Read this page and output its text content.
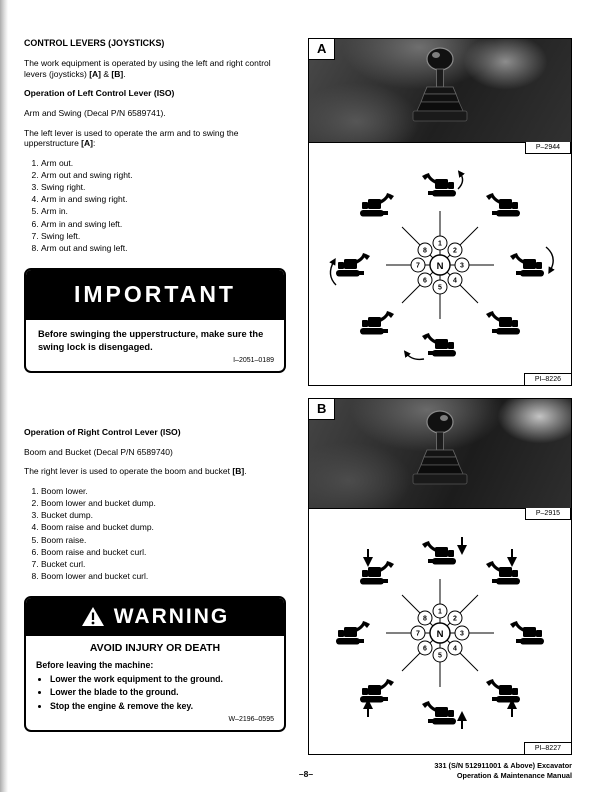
CONTROL LEVERS (JOYSTICKS)

The work equipment is operated by using the left and right control levers (joysticks) [A] & [B].

Operation of Left Control Lever (ISO)

Arm and Swing (Decal P/N 6589741).

The left lever is used to operate the arm and to swing the upperstructure [A]:

1. Arm out.
2. Arm out and swing right.
3. Swing right.
4. Arm in and swing right.
5. Arm in.
6. Arm in and swing left.
7. Swing left.
8. Arm out and swing left.
IMPORTANT
Before swinging the upperstructure, make sure the swing lock is disengaged.
I–2051–0189
Operation of Right Control Lever (ISO)

Boom and Bucket (Decal P/N 6589740)

The right lever is used to operate the boom and bucket [B].

1. Boom lower.
2. Boom lower and bucket dump.
3. Bucket dump.
4. Boom raise and bucket dump.
5. Boom raise.
6. Boom raise and bucket curl.
7. Bucket curl.
8. Boom lower and bucket curl.
WARNING
AVOID INJURY OR DEATH
Before leaving the machine:
• Lower the work equipment to the ground.
• Lower the blade to the ground.
• Stop the engine & remove the key.
W–2196–0595
A
P–2944
1
2
3
4
5
6
7
8
N
PI–8226
B
P–2915
1
2
3
4
5
6
7
8
N
PI–8227
–8–
331 (S/N 512911001 & Above) Excavator
Operation & Maintenance Manual
